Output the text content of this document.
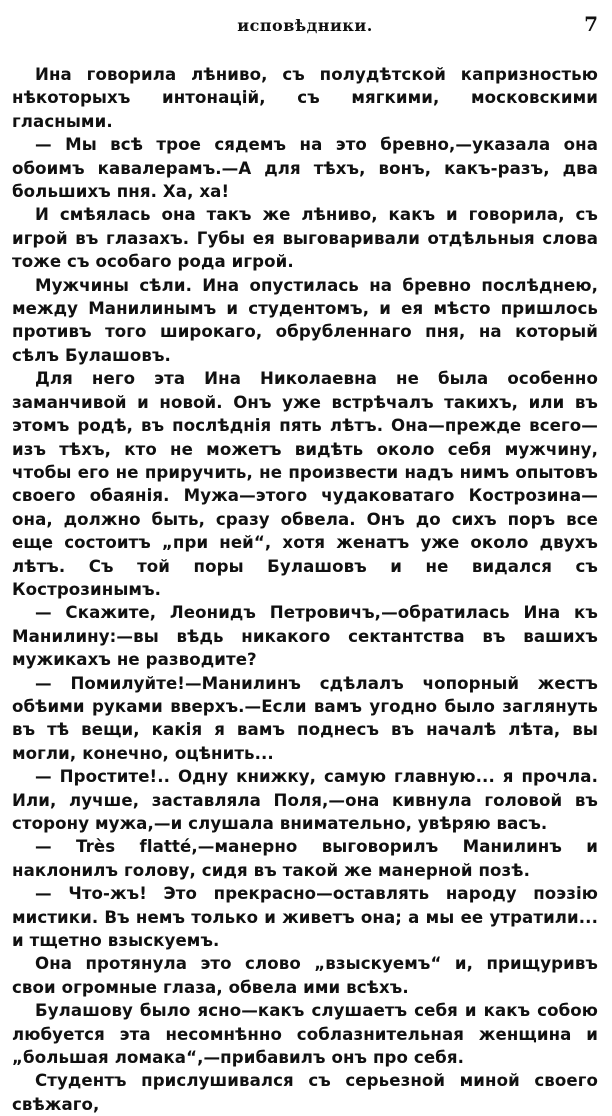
исповѣдники.	7

Ина говорила лѣниво, съ полудѣтской капризностью нѣкоторыхъ интонацій, съ мягкими, московскими гласными.

— Мы всѣ трое сядемъ на это бревно,—указала она обоимъ кавалерамъ.—А для тѣхъ, вонъ, какъ-разъ, два большихъ пня. Ха, ха!

И смѣялась она такъ же лѣниво, какъ и говорила, съ игрой въ глазахъ. Губы ея выговаривали отдѣльныя слова тоже съ особаго рода игрой.

Мужчины сѣли. Ина опустилась на бревно послѣднею, между Манилинымъ и студентомъ, и ея мѣсто пришлось противъ того широкаго, обрубленнаго пня, на который сѣлъ Булашовъ.

Для него эта Ина Николаевна не была особенно заманчивой и новой. Онъ уже встрѣчалъ такихъ, или въ этомъ родѣ, въ послѣднія пять лѣтъ. Она—прежде всего—изъ тѣхъ, кто не можетъ видѣть около себя мужчину, чтобы его не приручить, не произвести надъ нимъ опытовъ своего обаянія. Мужа—этого чудаковатаго Кострозина—она, должно быть, сразу обвела. Онъ до сихъ поръ все еще состоитъ „при ней“, хотя женатъ уже около двухъ лѣтъ. Съ той поры Булашовъ и не видался съ Кострозинымъ.

— Скажите, Леонидъ Петровичъ,—обратилась Ина къ Манилину:—вы вѣдь никакого сектантства въ вашихъ мужикахъ не разводите?

— Помилуйте!—Манилинъ сдѣлалъ чопорный жестъ обѣими руками вверхъ.—Если вамъ угодно было заглянуть въ тѣ вещи, какія я вамъ поднесъ въ началѣ лѣта, вы могли, конечно, оцѣнить...

— Простите!.. Одну книжку, самую главную... я прочла. Или, лучше, заставляла Поля,—она кивнула головой въ сторону мужа,—и слушала внимательно, увѣряю васъ.

— Très flatté,—манерно выговорилъ Манилинъ и наклонилъ голову, сидя въ такой же манерной позѣ.

— Что-жъ! Это прекрасно—оставлять народу поэзію мистики. Въ немъ только и живетъ она; а мы ее утратили... и тщетно взыскуемъ.

Она протянула это слово „взыскуемъ“ и, прищуривъ свои огромные глаза, обвела ими всѣхъ.

Булашову было ясно—какъ слушаетъ себя и какъ собою любуется эта несомнѣнно соблазнительная женщина и „большая ломака“,—прибавилъ онъ про себя.

Студентъ прислушивался съ серьезной миной своего свѣжаго,
